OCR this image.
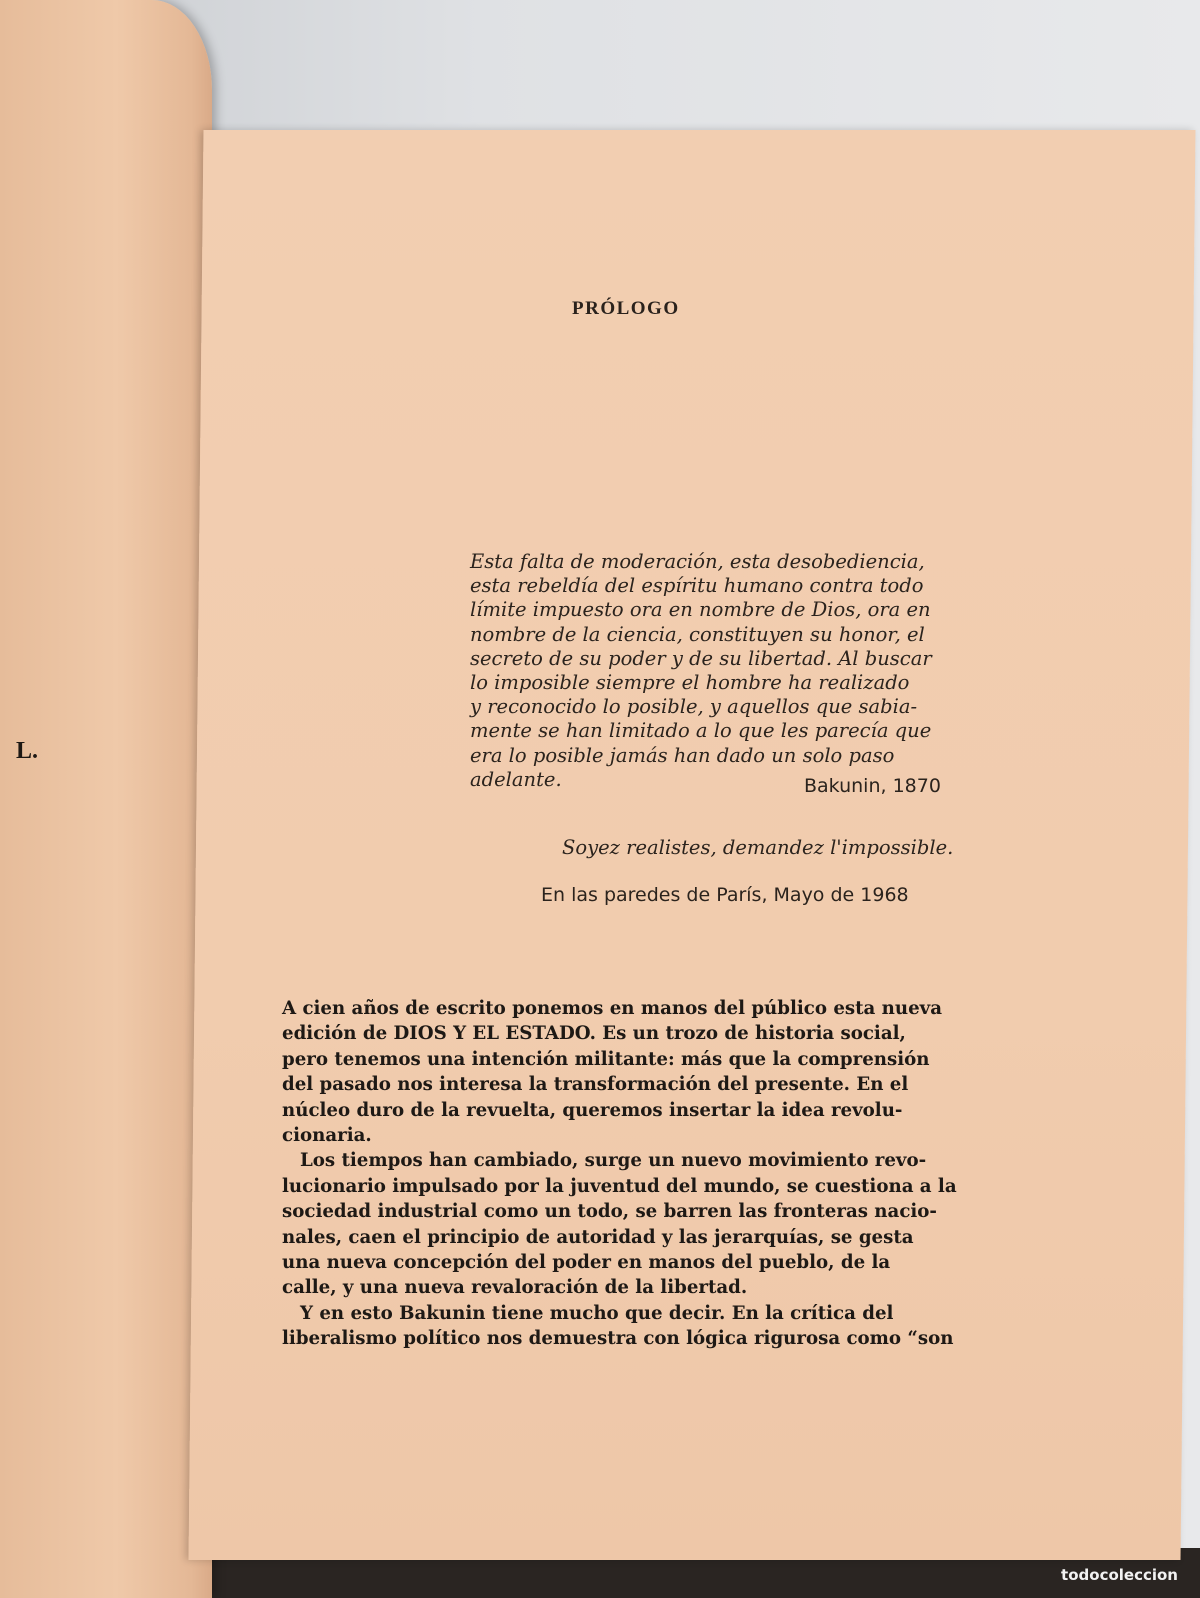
L.
PRÓLOGO
Esta falta de moderación, esta desobediencia,
esta rebeldía del espíritu humano contra todo
límite impuesto ora en nombre de Dios, ora en
nombre de la ciencia, constituyen su honor, el
secreto de su poder y de su libertad. Al buscar
lo imposible siempre el hombre ha realizado
y reconocido lo posible, y aquellos que sabia-
mente se han limitado a lo que les parecía que
era lo posible jamás han dado un solo paso
adelante.	Bakunin, 1870
Soyez realistes, demandez l'impossible.
En las paredes de París, Mayo de 1968
A cien años de escrito ponemos en manos del público esta nueva
edición de DIOS Y EL ESTADO. Es un trozo de historia social,
pero tenemos una intención militante: más que la comprensión
del pasado nos interesa la transformación del presente. En el
núcleo duro de la revuelta, queremos insertar la idea revolu-
cionaria.
Los tiempos han cambiado, surge un nuevo movimiento revo-
lucionario impulsado por la juventud del mundo, se cuestiona a la
sociedad industrial como un todo, se barren las fronteras nacio-
nales, caen el principio de autoridad y las jerarquías, se gesta
una nueva concepción del poder en manos del pueblo, de la
calle, y una nueva revaloración de la libertad.
Y en esto Bakunin tiene mucho que decir. En la crítica del
liberalismo político nos demuestra con lógica rigurosa como “son
todocoleccion
